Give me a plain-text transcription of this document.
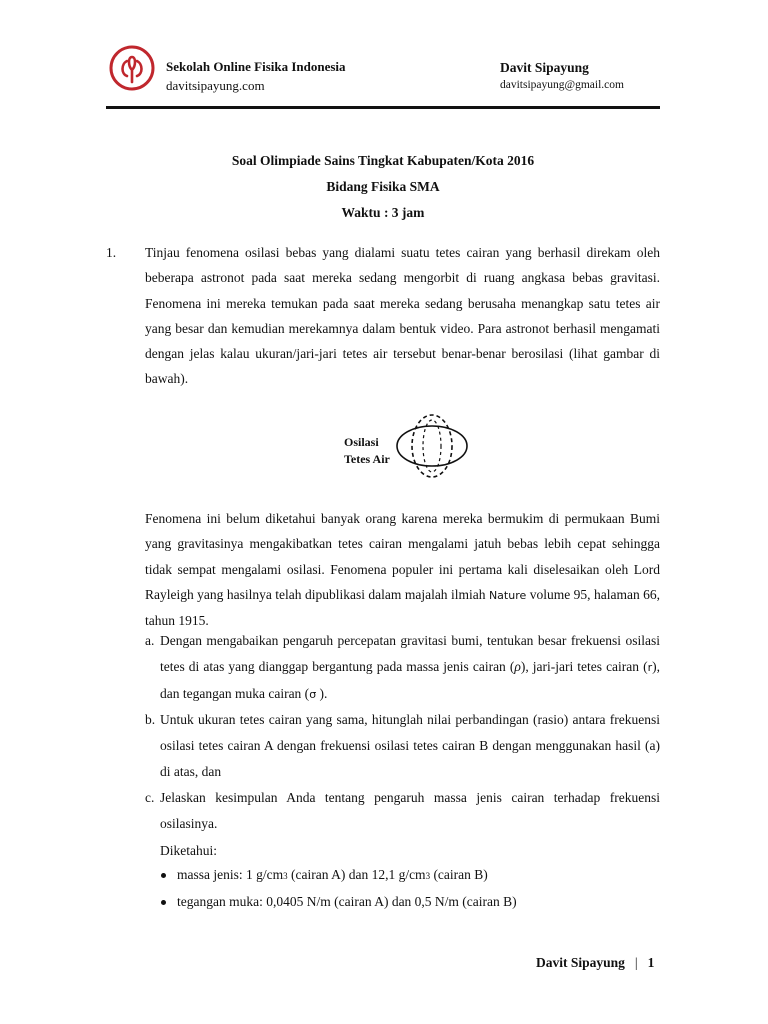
Sekolah Online Fisika Indonesia
davitsipayung.com
Davit Sipayung
davitsipayung@gmail.com
Soal Olimpiade Sains Tingkat Kabupaten/Kota 2016
Bidang Fisika SMA
Waktu : 3 jam
1. Tinjau fenomena osilasi bebas yang dialami suatu tetes cairan yang berhasil direkam oleh beberapa astronot pada saat mereka sedang mengorbit di ruang angkasa bebas gravitasi. Fenomena ini mereka temukan pada saat mereka sedang berusaha menangkap satu tetes air yang besar dan kemudian merekamnya dalam bentuk video. Para astronot berhasil mengamati dengan jelas kalau ukuran/jari-jari tetes air tersebut benar-benar berosilasi (lihat gambar di bawah).

Osilasi
Tetes Air

Fenomena ini belum diketahui banyak orang karena mereka bermukim di permukaan Bumi yang gravitasinya mengakibatkan tetes cairan mengalami jatuh bebas lebih cepat sehingga tidak sempat mengalami osilasi. Fenomena populer ini pertama kali diselesaikan oleh Lord Rayleigh yang hasilnya telah dipublikasi dalam majalah ilmiah Nature volume 95, halaman 66, tahun 1915.

a. Dengan mengabaikan pengaruh percepatan gravitasi bumi, tentukan besar frekuensi osilasi tetes di atas yang dianggap bergantung pada massa jenis cairan (ρ), jari-jari tetes cairan (r), dan tegangan muka cairan (σ ).
b. Untuk ukuran tetes cairan yang sama, hitunglah nilai perbandingan (rasio) antara frekuensi osilasi tetes cairan A dengan frekuensi osilasi tetes cairan B dengan menggunakan hasil (a) di atas, dan
c. Jelaskan kesimpulan Anda tentang pengaruh massa jenis cairan terhadap frekuensi osilasinya.
Diketahui:
massa jenis: 1 g/cm3 (cairan A) dan 12,1 g/cm3 (cairan B)
tegangan muka: 0,0405 N/m (cairan A) dan 0,5 N/m (cairan B)
Davit Sipayung | 1
